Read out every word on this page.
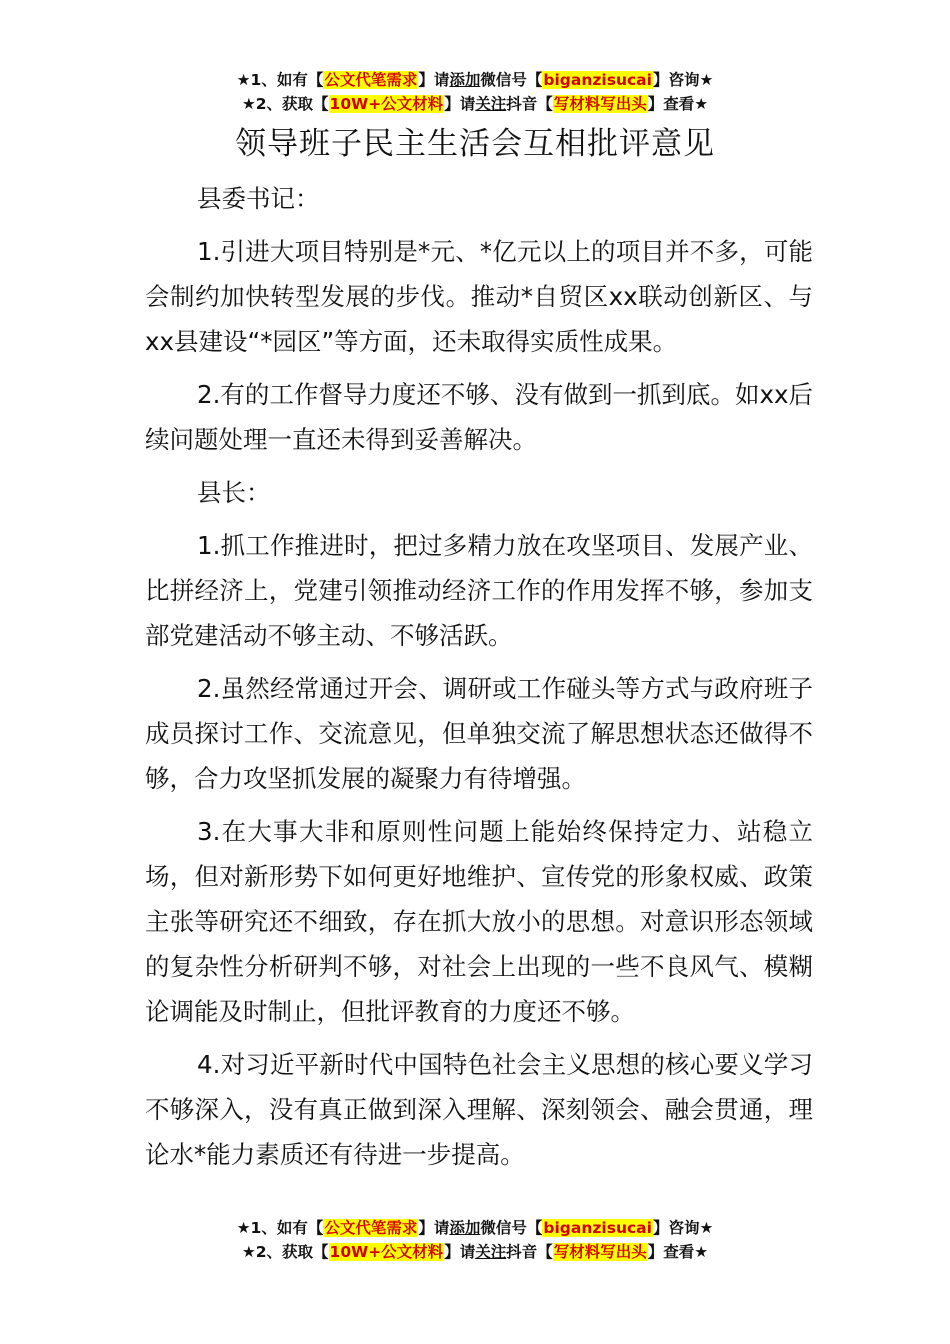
★1、如有【公文代笔需求】请添加微信号【biganzisucai】咨询★
★2、获取【10W+公文材料】请关注抖音【写材料写出头】查看★
领导班子民主生活会互相批评意见

县委书记：

1.引进大项目特别是*元、*亿元以上的项目并不多，可能会制约加快转型发展的步伐。推动*自贸区xx联动创新区、与xx县建设“*园区”等方面，还未取得实质性成果。

2.有的工作督导力度还不够、没有做到一抓到底。如xx后续问题处理一直还未得到妥善解决。

县长：

1.抓工作推进时，把过多精力放在攻坚项目、发展产业、比拼经济上，党建引领推动经济工作的作用发挥不够，参加支部党建活动不够主动、不够活跃。

2.虽然经常通过开会、调研或工作碰头等方式与政府班子成员探讨工作、交流意见，但单独交流了解思想状态还做得不够，合力攻坚抓发展的凝聚力有待增强。

3.在大事大非和原则性问题上能始终保持定力、站稳立场，但对新形势下如何更好地维护、宣传党的形象权威、政策主张等研究还不细致，存在抓大放小的思想。对意识形态领域的复杂性分析研判不够，对社会上出现的一些不良风气、模糊论调能及时制止，但批评教育的力度还不够。

4.对习近平新时代中国特色社会主义思想的核心要义学习不够深入，没有真正做到深入理解、深刻领会、融会贯通，理论水*能力素质还有待进一步提高。

★1、如有【公文代笔需求】请添加微信号【biganzisucai】咨询★
★2、获取【10W+公文材料】请关注抖音【写材料写出头】查看★
